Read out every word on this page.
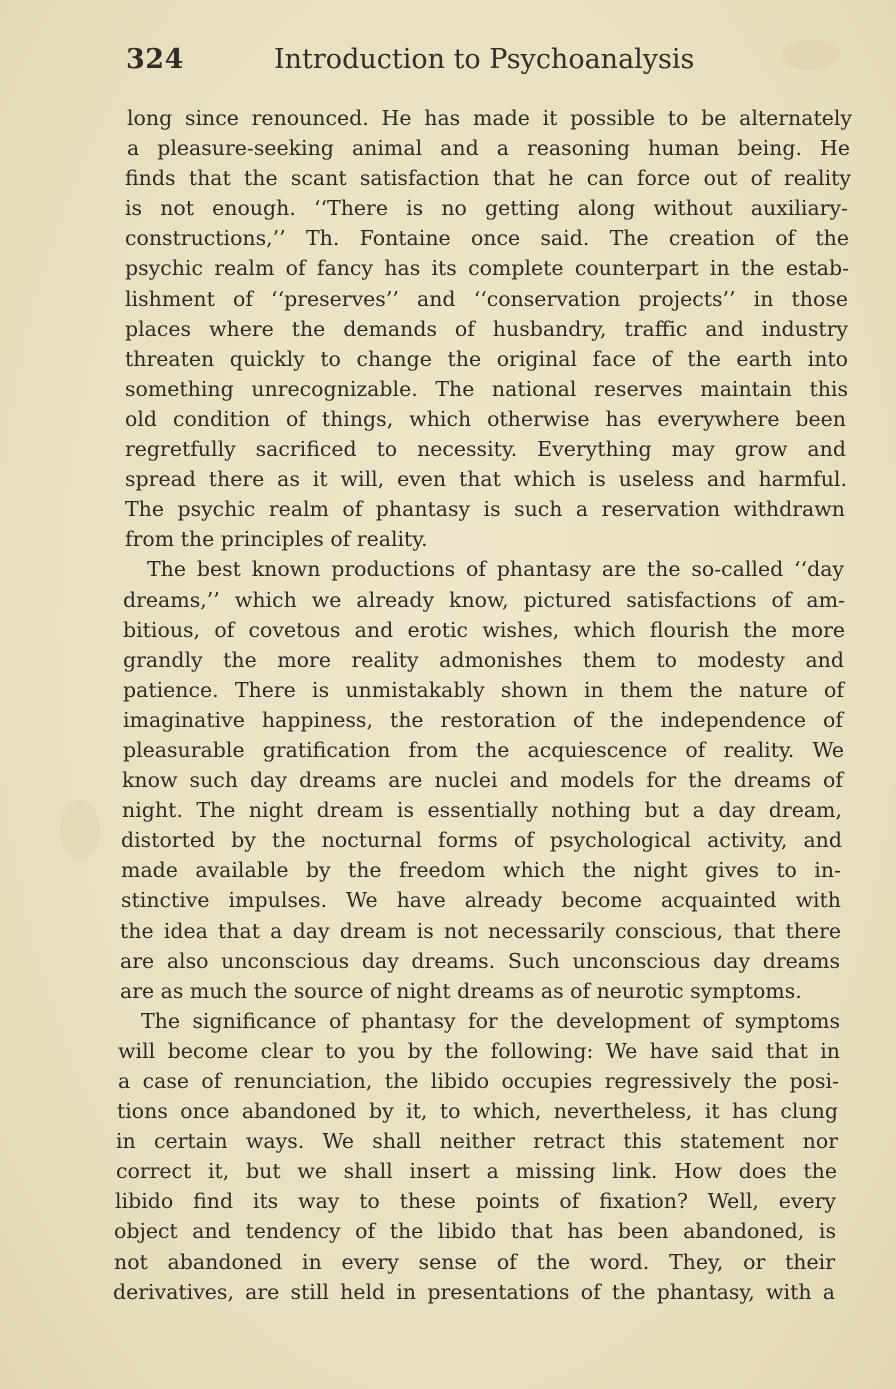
324	Introduction to Psychoanalysis
long since renounced. He has made it possible to be alternately
a pleasure-seeking animal and a reasoning human being. He
finds that the scant satisfaction that he can force out of reality
is not enough. ‘‘There is no getting along without auxiliary-
constructions,’’ Th. Fontaine once said. The creation of the
psychic realm of fancy has its complete counterpart in the estab-
lishment of ‘‘preserves’’ and ‘‘conservation projects’’ in those
places where the demands of husbandry, traffic and industry
threaten quickly to change the original face of the earth into
something unrecognizable. The national reserves maintain this
old condition of things, which otherwise has everywhere been
regretfully sacrificed to necessity. Everything may grow and
spread there as it will, even that which is useless and harmful.
The psychic realm of phantasy is such a reservation withdrawn
from the principles of reality.
The best known productions of phantasy are the so-called ‘‘day
dreams,’’ which we already know, pictured satisfactions of am-
bitious, of covetous and erotic wishes, which flourish the more
grandly the more reality admonishes them to modesty and
patience. There is unmistakably shown in them the nature of
imaginative happiness, the restoration of the independence of
pleasurable gratification from the acquiescence of reality. We
know such day dreams are nuclei and models for the dreams of
night. The night dream is essentially nothing but a day dream,
distorted by the nocturnal forms of psychological activity, and
made available by the freedom which the night gives to in-
stinctive impulses. We have already become acquainted with
the idea that a day dream is not necessarily conscious, that there
are also unconscious day dreams. Such unconscious day dreams
are as much the source of night dreams as of neurotic symptoms.
The significance of phantasy for the development of symptoms
will become clear to you by the following: We have said that in
a case of renunciation, the libido occupies regressively the posi-
tions once abandoned by it, to which, nevertheless, it has clung
in certain ways. We shall neither retract this statement nor
correct it, but we shall insert a missing link. How does the
libido find its way to these points of fixation? Well, every
object and tendency of the libido that has been abandoned, is
not abandoned in every sense of the word. They, or their
derivatives, are still held in presentations of the phantasy, with a
